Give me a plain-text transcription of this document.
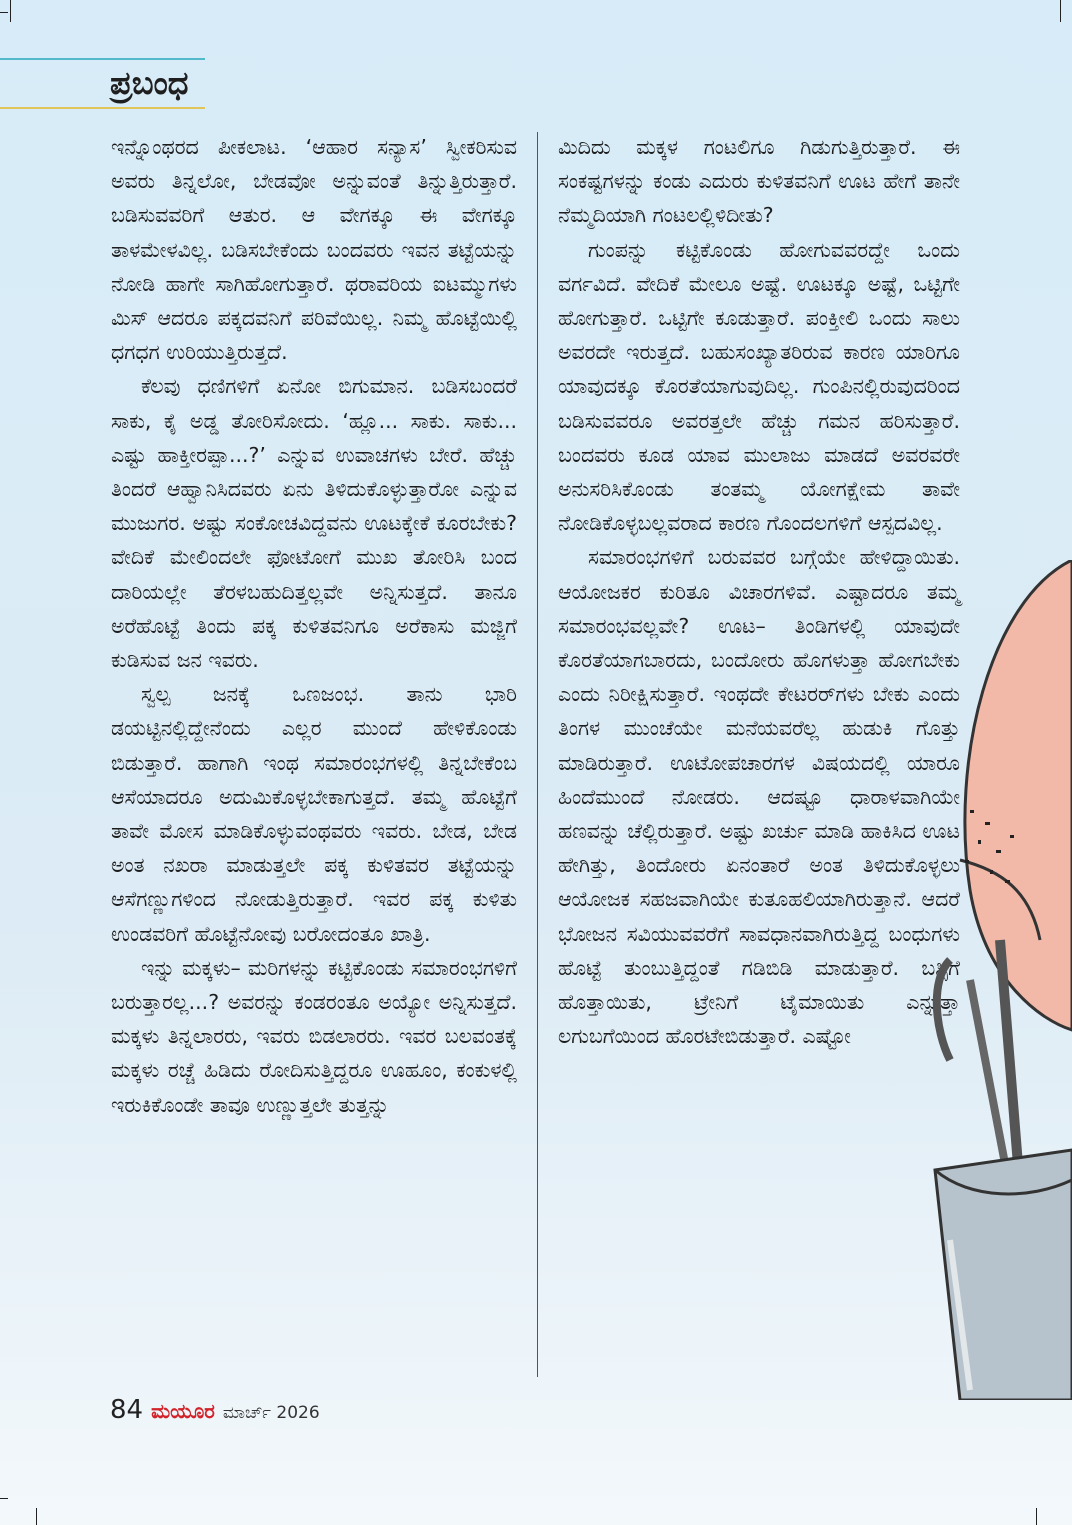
ಪ್ರಬಂಧ

ಇನ್ನೊಂಥರದ ಪೀಕಲಾಟ. ‘ಆಹಾರ ಸನ್ಯಾಸ’ ಸ್ವೀಕರಿಸುವ ಅವರು ತಿನ್ನಲೋ, ಬೇಡವೋ ಅನ್ನುವಂತೆ ತಿನ್ನುತ್ತಿರುತ್ತಾರೆ. ಬಡಿಸುವವರಿಗೆ ಆತುರ. ಆ ವೇಗಕ್ಕೂ ಈ ವೇಗಕ್ಕೂ ತಾಳಮೇಳವಿಲ್ಲ. ಬಡಿಸಬೇಕೆಂದು ಬಂದವರು ಇವನ ತಟ್ಟೆಯನ್ನು ನೋಡಿ ಹಾಗೇ ಸಾಗಿಹೋಗುತ್ತಾರೆ. ಥರಾವರಿಯ ಐಟಮ್ಮುಗಳು ಮಿಸ್ ಆದರೂ ಪಕ್ಕದವನಿಗೆ ಪರಿವೆಯಿಲ್ಲ. ನಿಮ್ಮ ಹೊಟ್ಟೆಯಿಲ್ಲಿ ಧಗಧಗ ಉರಿಯುತ್ತಿರುತ್ತದೆ.

ಕೆಲವು ಧಣಿಗಳಿಗೆ ಏನೋ ಬಿಗುಮಾನ. ಬಡಿಸಬಂದರೆ ಸಾಕು, ಕೈ ಅಡ್ಡ ತೋರಿಸೋದು. ‘ಹ್ಲೂ... ಸಾಕು. ಸಾಕು... ಎಷ್ಟು ಹಾಕ್ತೀರಪ್ಪಾ...?’ ಎನ್ನುವ ಉವಾಚಗಳು ಬೇರೆ. ಹೆಚ್ಚು ತಿಂದರೆ ಆಹ್ವಾನಿಸಿದವರು ಏನು ತಿಳಿದುಕೊಳ್ಳುತ್ತಾರೋ ಎನ್ನುವ ಮುಜುಗರ. ಅಷ್ಟು ಸಂಕೋಚವಿದ್ದವನು ಊಟಕ್ಕೇಕೆ ಕೂರಬೇಕು? ವೇದಿಕೆ ಮೇಲಿಂದಲೇ ಫೋಟೋಗೆ ಮುಖ ತೋರಿಸಿ ಬಂದ ದಾರಿಯಲ್ಲೇ ತೆರಳಬಹುದಿತ್ತಲ್ಲವೇ ಅನ್ನಿಸುತ್ತದೆ. ತಾನೂ ಅರೆಹೊಟ್ಟೆ ತಿಂದು ಪಕ್ಕ ಕುಳಿತವನಿಗೂ ಅರೆಕಾಸು ಮಜ್ಜಿಗೆ ಕುಡಿಸುವ ಜನ ಇವರು.

ಸ್ವಲ್ಪ ಜನಕ್ಕೆ ಒಣಜಂಭ. ತಾನು ಭಾರಿ ಡಯಟ್ಟಿನಲ್ಲಿದ್ದೇನೆಂದು ಎಲ್ಲರ ಮುಂದೆ ಹೇಳಿಕೊಂಡು ಬಿಡುತ್ತಾರೆ. ಹಾಗಾಗಿ ಇಂಥ ಸಮಾರಂಭಗಳಲ್ಲಿ ತಿನ್ನಬೇಕೆಂಬ ಆಸೆಯಾದರೂ ಅದುಮಿಕೊಳ್ಳಬೇಕಾಗುತ್ತದೆ. ತಮ್ಮ ಹೊಟ್ಟೆಗೆ ತಾವೇ ಮೋಸ ಮಾಡಿಕೊಳ್ಳುವಂಥವರು ಇವರು. ಬೇಡ, ಬೇಡ ಅಂತ ನಖರಾ ಮಾಡುತ್ತಲೇ ಪಕ್ಕ ಕುಳಿತವರ ತಟ್ಟೆಯನ್ನು ಆಸೆಗಣ್ಣುಗಳಿಂದ ನೋಡುತ್ತಿರುತ್ತಾರೆ. ಇವರ ಪಕ್ಕ ಕುಳಿತು ಉಂಡವರಿಗೆ ಹೊಟ್ಟೆನೋವು ಬರೋದಂತೂ ಖಾತ್ರಿ.

ಇನ್ನು ಮಕ್ಕಳು– ಮರಿಗಳನ್ನು ಕಟ್ಟಿಕೊಂಡು ಸಮಾರಂಭಗಳಿಗೆ ಬರುತ್ತಾರಲ್ಲ...? ಅವರನ್ನು ಕಂಡರಂತೂ ಅಯ್ಯೋ ಅನ್ನಿಸುತ್ತದೆ. ಮಕ್ಕಳು ತಿನ್ನಲಾರರು, ಇವರು ಬಿಡಲಾರರು. ಇವರ ಬಲವಂತಕ್ಕೆ ಮಕ್ಕಳು ರಚ್ಚೆ ಹಿಡಿದು ರೋದಿಸುತ್ತಿದ್ದರೂ ಊಹೂಂ, ಕಂಕುಳಲ್ಲಿ ಇರುಕಿಕೊಂಡೇ ತಾವೂ ಉಣ್ಣುತ್ತಲೇ ತುತ್ತನ್ನು

ಮಿದಿದು ಮಕ್ಕಳ ಗಂಟಲಿಗೂ ಗಿಡುಗುತ್ತಿರುತ್ತಾರೆ. ಈ ಸಂಕಷ್ಟಗಳನ್ನು ಕಂಡು ಎದುರು ಕುಳಿತವನಿಗೆ ಊಟ ಹೇಗೆ ತಾನೇ ನೆಮ್ಮದಿಯಾಗಿ ಗಂಟಲಲ್ಲಿಳಿದೀತು?

ಗುಂಪನ್ನು ಕಟ್ಟಿಕೊಂಡು ಹೋಗುವವರದ್ದೇ ಒಂದು ವರ್ಗವಿದೆ. ವೇದಿಕೆ ಮೇಲೂ ಅಷ್ಟೆ. ಊಟಕ್ಕೂ ಅಷ್ಟೆ, ಒಟ್ಟಿಗೇ ಹೋಗುತ್ತಾರೆ. ಒಟ್ಟಿಗೇ ಕೂಡುತ್ತಾರೆ. ಪಂಕ್ತೀಲಿ ಒಂದು ಸಾಲು ಅವರದೇ ಇರುತ್ತದೆ. ಬಹುಸಂಖ್ಯಾತರಿರುವ ಕಾರಣ ಯಾರಿಗೂ ಯಾವುದಕ್ಕೂ ಕೊರತೆಯಾಗುವುದಿಲ್ಲ. ಗುಂಪಿನಲ್ಲಿರುವುದರಿಂದ ಬಡಿಸುವವರೂ ಅವರತ್ತಲೇ ಹೆಚ್ಚು ಗಮನ ಹರಿಸುತ್ತಾರೆ. ಬಂದವರು ಕೂಡ ಯಾವ ಮುಲಾಜು ಮಾಡದೆ ಅವರವರೇ ಅನುಸರಿಸಿಕೊಂಡು ತಂತಮ್ಮ ಯೋಗಕ್ಷೇಮ ತಾವೇ ನೋಡಿಕೊಳ್ಳಬಲ್ಲವರಾದ ಕಾರಣ ಗೊಂದಲಗಳಿಗೆ ಆಸ್ಪದವಿಲ್ಲ.

ಸಮಾರಂಭಗಳಿಗೆ ಬರುವವರ ಬಗ್ಗೆಯೇ ಹೇಳಿದ್ದಾಯಿತು. ಆಯೋಜಕರ ಕುರಿತೂ ವಿಚಾರಗಳಿವೆ. ಎಷ್ಟಾದರೂ ತಮ್ಮ ಸಮಾರಂಭವಲ್ಲವೇ? ಊಟ– ತಿಂಡಿಗಳಲ್ಲಿ ಯಾವುದೇ ಕೊರತೆಯಾಗಬಾರದು, ಬಂದೋರು ಹೊಗಳುತ್ತಾ ಹೋಗಬೇಕು ಎಂದು ನಿರೀಕ್ಷಿಸುತ್ತಾರೆ. ಇಂಥದೇ ಕೇಟರರ್‌ಗಳು ಬೇಕು ಎಂದು ತಿಂಗಳ ಮುಂಚೆಯೇ ಮನೆಯವರೆಲ್ಲ ಹುಡುಕಿ ಗೊತ್ತು ಮಾಡಿರುತ್ತಾರೆ. ಊಟೋಪಚಾರಗಳ ವಿಷಯದಲ್ಲಿ ಯಾರೂ ಹಿಂದೆಮುಂದೆ ನೋಡರು. ಆದಷ್ಟೂ ಧಾರಾಳವಾಗಿಯೇ ಹಣವನ್ನು ಚೆಲ್ಲಿರುತ್ತಾರೆ. ಅಷ್ಟು ಖರ್ಚು ಮಾಡಿ ಹಾಕಿಸಿದ ಊಟ ಹೇಗಿತ್ತು, ತಿಂದೋರು ಏನಂತಾರೆ ಅಂತ ತಿಳಿದುಕೊಳ್ಳಲು ಆಯೋಜಕ ಸಹಜವಾಗಿಯೇ ಕುತೂಹಲಿಯಾಗಿರುತ್ತಾನೆ. ಆದರೆ ಭೋಜನ ಸವಿಯುವವರೆಗೆ ಸಾವಧಾನವಾಗಿರುತ್ತಿದ್ದ ಬಂಧುಗಳು ಹೊಟ್ಟೆ ತುಂಬುತ್ತಿದ್ದಂತೆ ಗಡಿಬಿಡಿ ಮಾಡುತ್ತಾರೆ. ಬಸ್ಸಿಗೆ ಹೊತ್ತಾಯಿತು, ಟ್ರೇನಿಗೆ ಟೈಮಾಯಿತು ಎನ್ನುತ್ತಾ ಲಗುಬಗೆಯಿಂದ ಹೊರಟೇಬಿಡುತ್ತಾರೆ. ಎಷ್ಟೋ

84 ಮಯೂರ ಮಾರ್ಚ್ 2026
